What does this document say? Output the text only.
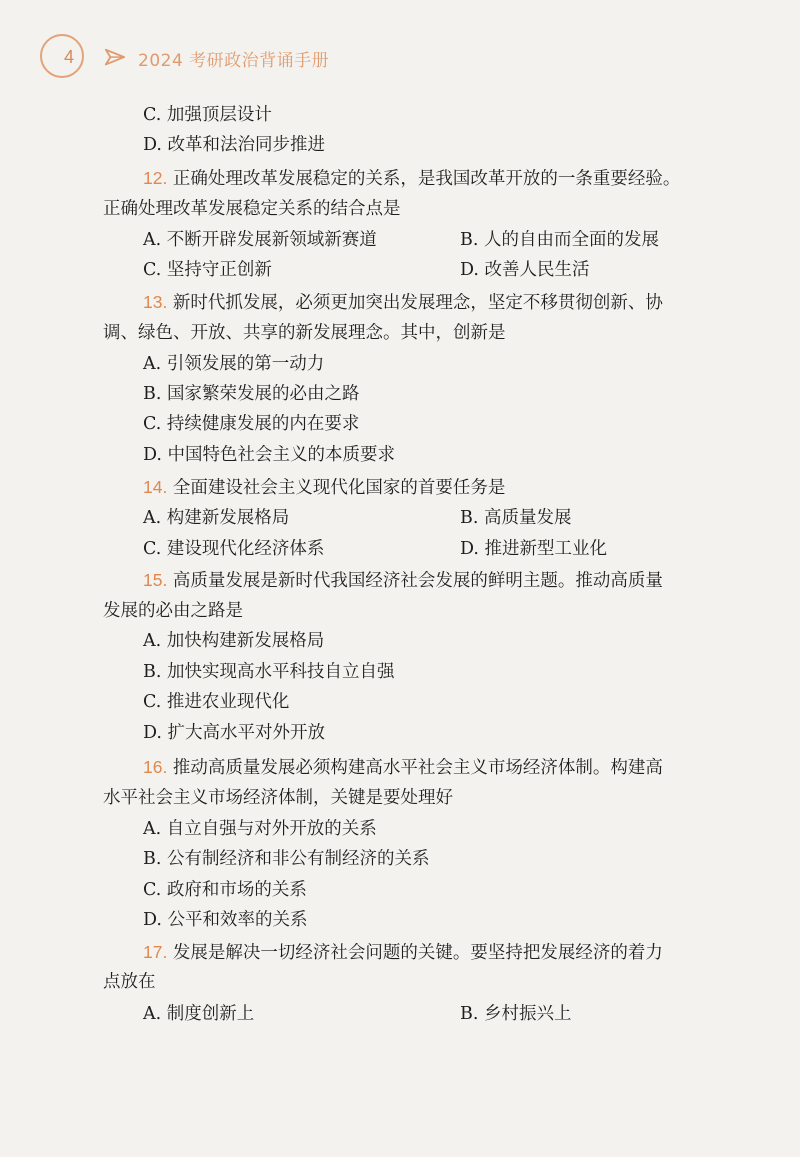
4	2024 考研政治背诵手册
C. 加强顶层设计
D. 改革和法治同步推进
12. 正确处理改革发展稳定的关系，是我国改革开放的一条重要经验。
正确处理改革发展稳定关系的结合点是
A. 不断开辟发展新领域新赛道	B. 人的自由而全面的发展
C. 坚持守正创新	D. 改善人民生活
13. 新时代抓发展，必须更加突出发展理念，坚定不移贯彻创新、协
调、绿色、开放、共享的新发展理念。其中，创新是
A. 引领发展的第一动力
B. 国家繁荣发展的必由之路
C. 持续健康发展的内在要求
D. 中国特色社会主义的本质要求
14. 全面建设社会主义现代化国家的首要任务是
A. 构建新发展格局	B. 高质量发展
C. 建设现代化经济体系	D. 推进新型工业化
15. 高质量发展是新时代我国经济社会发展的鲜明主题。推动高质量
发展的必由之路是
A. 加快构建新发展格局
B. 加快实现高水平科技自立自强
C. 推进农业现代化
D. 扩大高水平对外开放
16. 推动高质量发展必须构建高水平社会主义市场经济体制。构建高
水平社会主义市场经济体制，关键是要处理好
A. 自立自强与对外开放的关系
B. 公有制经济和非公有制经济的关系
C. 政府和市场的关系
D. 公平和效率的关系
17. 发展是解决一切经济社会问题的关键。要坚持把发展经济的着力
点放在
A. 制度创新上	B. 乡村振兴上
